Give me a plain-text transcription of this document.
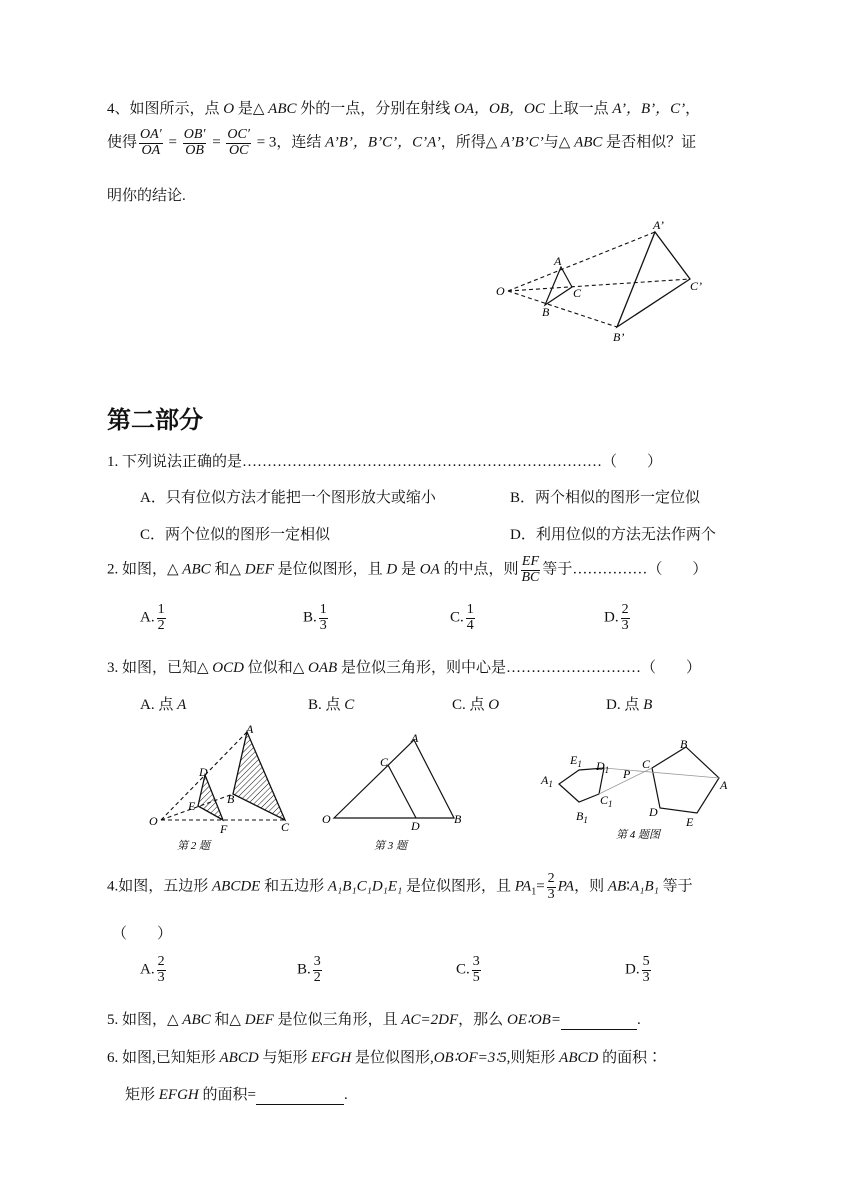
4、如图所示，点 O 是△ ABC 外的一点，分别在射线 OA，OB，OC 上取一点 A’，B’，C’，
使得 $\frac{OA'}{OA} = \frac{OB'}{OB} = \frac{OC'}{OC} = 3$，连结 A’B’，B’C’，C’A’，所得△ A’B’C’与△ ABC 是否相似？证
明你的结论.
O
A
C
B
A’
C’
B’
第二部分
1. 下列说法正确的是………………………………………………………………（　　）
A．只有位似方法才能把一个图形放大或缩小	B．两个相似的图形一定位似
C．两个位似的图形一定相似	D．利用位似的方法无法作两个
2. 如图，△ ABC 和△ DEF 是位似图形，且 D 是 OA 的中点，则 $\frac{EF}{BC}$ 等于……………（　　）
A. $\frac{1}{2}$	B. $\frac{1}{3}$	C. $\frac{1}{4}$	D. $\frac{2}{3}$
3. 如图，已知△ OCD 位似和△ OAB 是位似三角形，则中心是………………………（　　）
A. 点 A	B. 点 C	C. 点 O	D. 点 B
A
D
E	B
O
F	C
第 2 题
A
C
O	D	B
第 3 题
B
$E_1$ $D_1$ P
C
$A_1$
$C_1$
A
D
E
$B_1$
第 4 题图
4.如图，五边形 ABCDE 和五边形 A₁B₁C₁D₁E₁ 是位似图形，且 $PA_1= \frac{2}{3}$ PA，则 AB∶A₁B₁ 等于
（　　）
A. $\frac{2}{3}$	B. $\frac{3}{2}$	C. $\frac{3}{5}$	D. $\frac{5}{3}$
5. 如图，△ ABC 和△ DEF 是位似三角形，且 AC=2DF，那么 OE∶OB=	.
6. 如图,已知矩形 ABCD 与矩形 EFGH 是位似图形,OB∶OF=3∶5,则矩形 ABCD 的面积∶
矩形 EFGH 的面积=	.
